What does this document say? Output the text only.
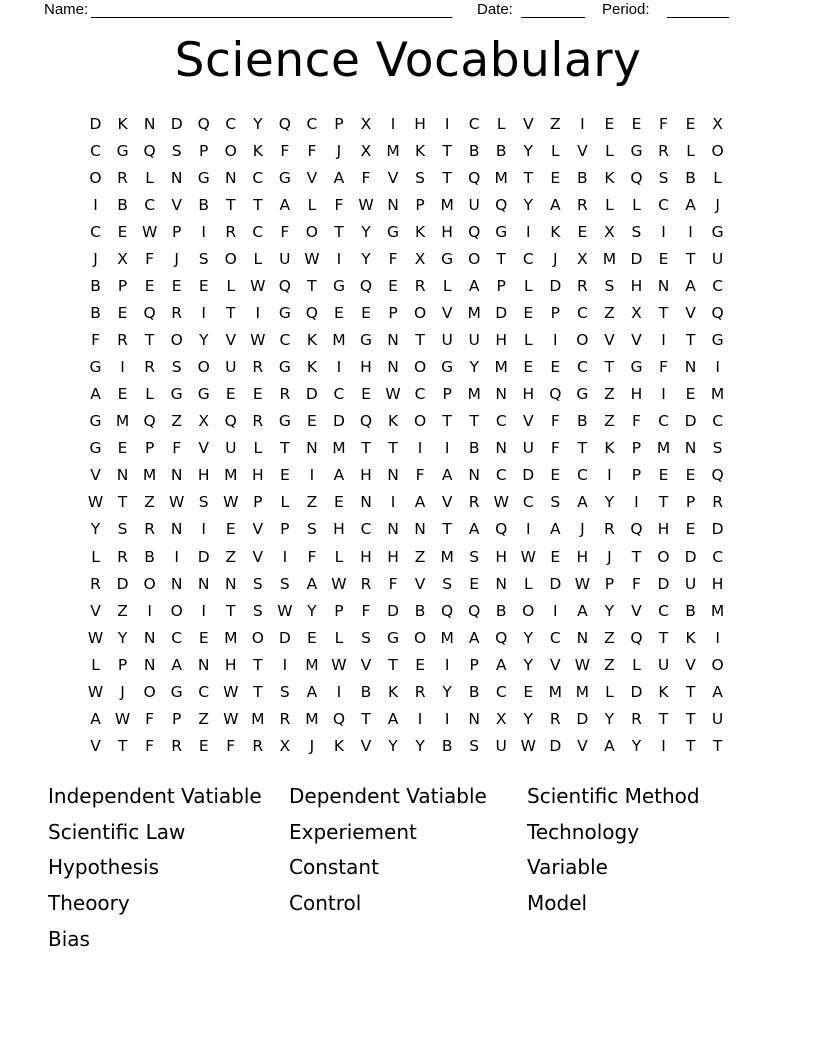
Name:	Date:	Period:
Science Vocabulary
D	K	N D Q	C	Y	Q	C	P	X	I	H	I	C	L	V	Z	I	E	E	F	E	X
C	G Q	S	P	O	K	F	F	J	X M K	T	B	B	Y	L	V	L	G	R	L	O
O	R	L	N G N	C	G	V	A	F	V	S	T	Q M	T	E	B	K	Q	S	B	L
I	B	C	V	B	T	T	A	L	F W N	P	M U Q	Y	A	R	L	L	C	A	J
C	E W P	I	R	C	F	O	T	Y	G	K	H Q G	I	K	E	X	S	I	I	G
J	X	F	J	S	O	L	U W	I	Y	F	X	G O	T	C	J	X M D	E	T	U
B	P	E	E	E	L W Q	T	G Q	E	R	L	A	P	L	D	R	S	H N	A	C
B	E	Q	R	I	T	I	G Q	E	E	P	O	V M D	E	P	C	Z	X	T	V	Q
F	R	T	O	Y	V W C	K M G N	T	U	U	H	L	I	O	V	V	I	T	G
G	I	R	S	O U	R	G	K	I	H N O G	Y	M E	E	C	T	G	F	N	I
A	E	L	G G	E	E	R	D	C	E W C	P	M N H Q G	Z	H	I	E M
G M Q	Z	X	Q	R	G	E	D Q	K	O	T	T	C	V	F	B	Z	F	C	D	C
G	E	P	F	V	U	L	T	N M	T	T	I	I	B	N	U	F	T	K	P	M N	S
V	N M N H M H	E	I	A	H N	F	A	N	C	D	E	C	I	P	E	E	Q
W T	Z W S W P	L	Z	E	N	I	A	V	R W C	S	A	Y	I	T	P	R
Y	S	R	N	I	E	V	P	S	H	C	N N	T	A	Q	I	A	J	R	Q H	E	D
L	R	B	I	D	Z	V	I	F	L	H H	Z M S	H W E	H	J	T	O D	C
R	D O N N N	S	S	A W R	F	V	S	E	N	L	D W P	F	D U	H
V	Z	I	O	I	T	S W Y	P	F	D	B	Q Q	B	O	I	A	Y	V	C	B M
W Y	N	C	E M O D	E	L	S	G O M A	Q	Y	C	N	Z	Q	T	K	I
L	P	N	A	N H	T	I	M W V	T	E	I	P	A	Y	V W Z	L	U	V	O
W	J	O G	C W T	S	A	I	B	K	R	Y	B	C	E M M	L	D	K	T	A
A W F	P	Z W M R M Q	T	A	I	I	N	X	Y	R	D	Y	R	T	T	U
V	T	F	R	E	F	R	X	J	K	V	Y	Y	B	S	U W D	V	A	Y	I	T	T
Independent Vatiable
Scientific Law
Hypothesis
Theoory
Bias
Dependent Vatiable
Experiement
Constant
Control
Scientific Method
Technology
Variable
Model
